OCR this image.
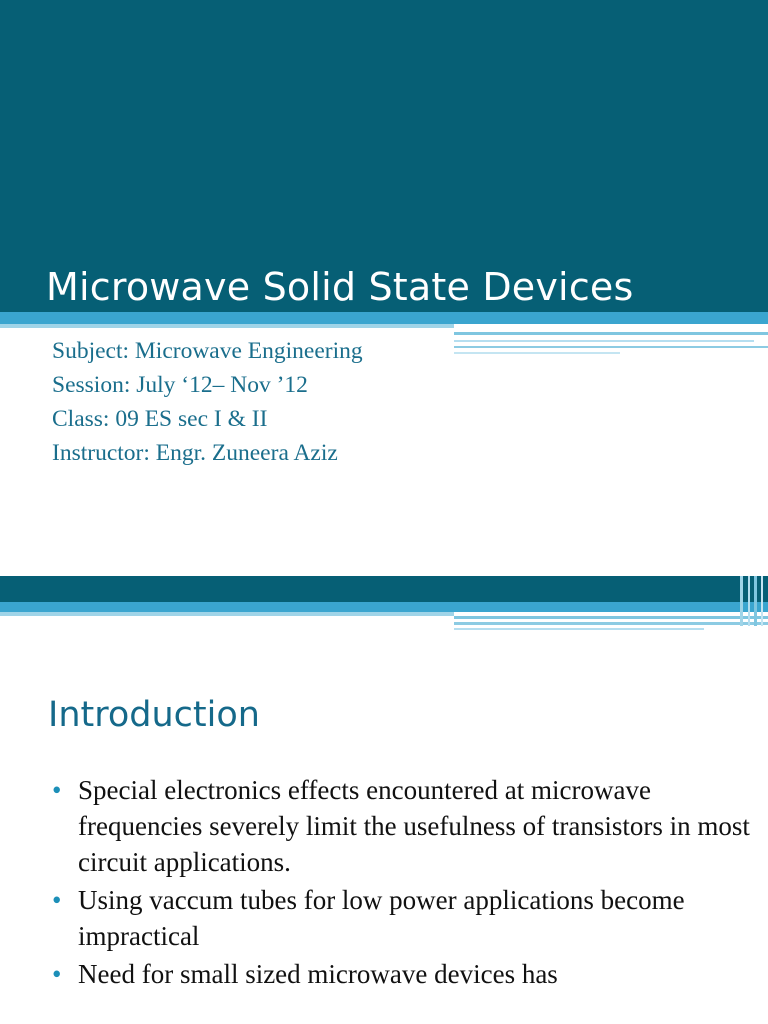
Microwave Solid State Devices
Subject: Microwave Engineering
Session: July ‘12– Nov ’12
Class: 09 ES sec I & II
Instructor: Engr. Zuneera Aziz
Introduction
• Special electronics effects encountered at microwave frequencies severely limit the usefulness of transistors in most circuit applications.
• Using vaccum tubes for low power applications become impractical
• Need for small sized microwave devices has
